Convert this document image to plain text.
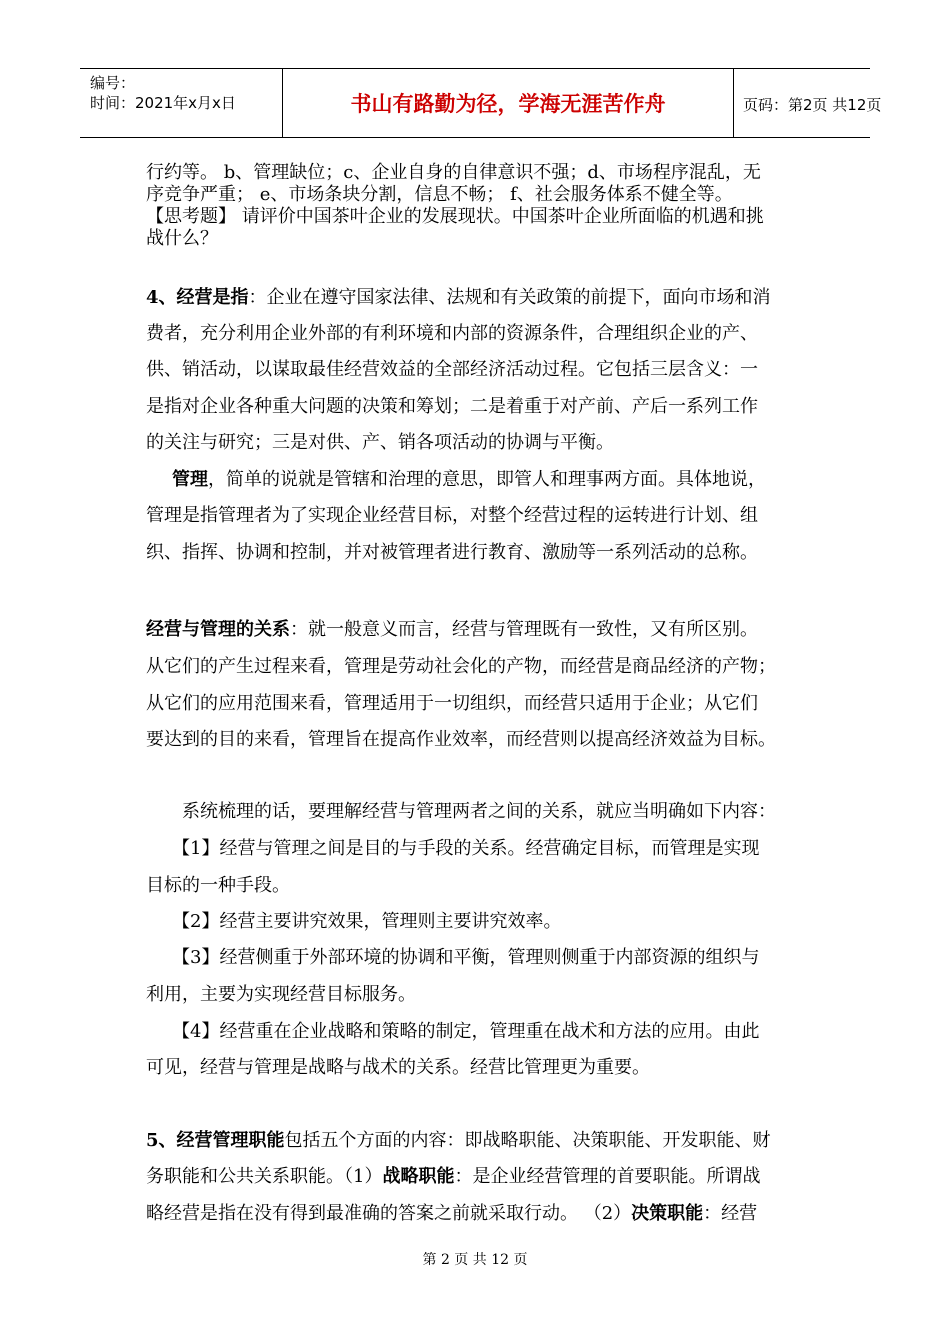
编号：
时间：2021年x月x日	书山有路勤为径，学海无涯苦作舟	页码：第2页 共12页
行约等。 b、管理缺位；c、企业自身的自律意识不强；d、市场程序混乱，无
序竞争严重； e、市场条块分割，信息不畅； f、社会服务体系不健全等。
【思考题】 请评价中国茶叶企业的发展现状。中国茶叶企业所面临的机遇和挑
战什么？
4、经营是指：企业在遵守国家法律、法规和有关政策的前提下，面向市场和消
费者，充分利用企业外部的有利环境和内部的资源条件，合理组织企业的产、
供、销活动，以谋取最佳经营效益的全部经济活动过程。它包括三层含义：一
是指对企业各种重大问题的决策和筹划；二是着重于对产前、产后一系列工作
的关注与研究；三是对供、产、销各项活动的协调与平衡。
管理，简单的说就是管辖和治理的意思，即管人和理事两方面。具体地说，
管理是指管理者为了实现企业经营目标，对整个经营过程的运转进行计划、组
织、指挥、协调和控制，并对被管理者进行教育、激励等一系列活动的总称。
经营与管理的关系：就一般意义而言，经营与管理既有一致性，又有所区别。
从它们的产生过程来看，管理是劳动社会化的产物，而经营是商品经济的产物；
从它们的应用范围来看，管理适用于一切组织，而经营只适用于企业；从它们
要达到的目的来看，管理旨在提高作业效率，而经营则以提高经济效益为目标。
系统梳理的话，要理解经营与管理两者之间的关系，就应当明确如下内容：
【1】经营与管理之间是目的与手段的关系。经营确定目标，而管理是实现
目标的一种手段。
【2】经营主要讲究效果，管理则主要讲究效率。
【3】经营侧重于外部环境的协调和平衡，管理则侧重于内部资源的组织与
利用，主要为实现经营目标服务。
【4】经营重在企业战略和策略的制定，管理重在战术和方法的应用。由此
可见，经营与管理是战略与战术的关系。经营比管理更为重要。
5、经营管理职能包括五个方面的内容：即战略职能、决策职能、开发职能、财
务职能和公共关系职能。（1）战略职能：是企业经营管理的首要职能。所谓战
略经营是指在没有得到最准确的答案之前就采取行动。 （2）决策职能：经营
第 2 页 共 12 页
